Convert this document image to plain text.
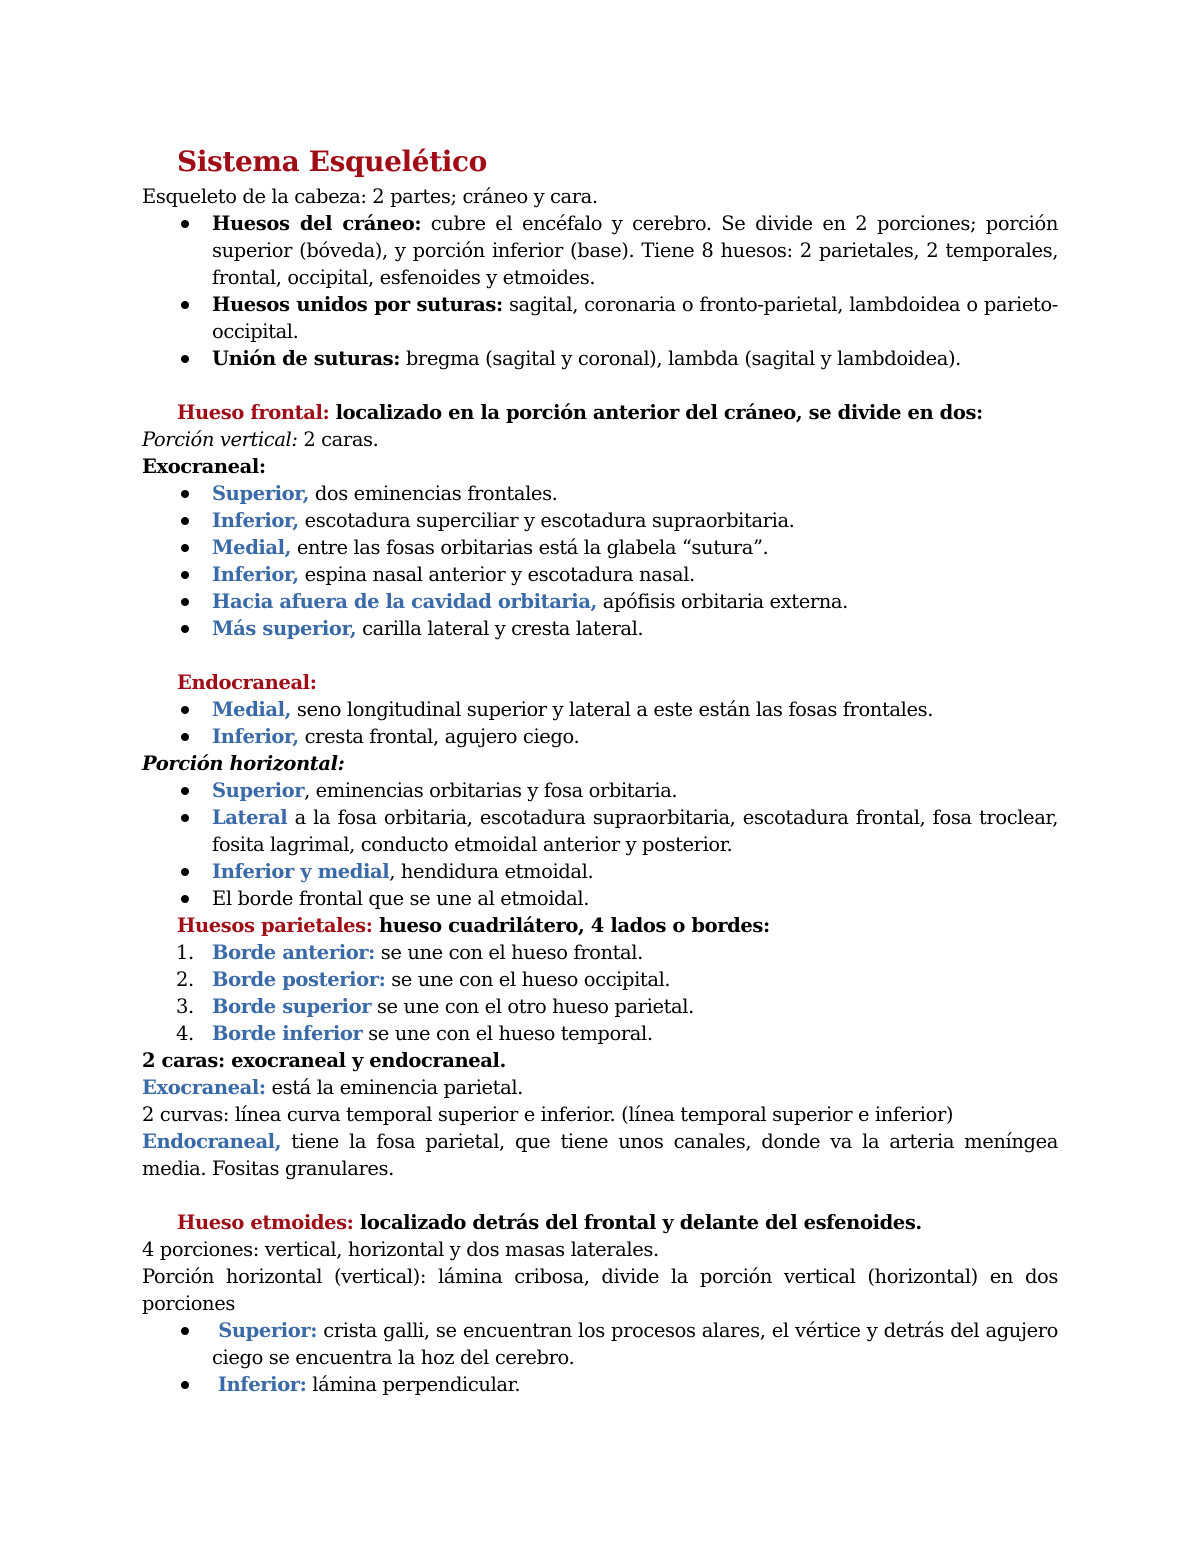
Sistema Esquelético

Esqueleto de la cabeza: 2 partes; cráneo y cara.

Huesos del cráneo: cubre el encéfalo y cerebro. Se divide en 2 porciones; porción superior (bóveda), y porción inferior (base). Tiene 8 huesos: 2 parietales, 2 temporales, frontal, occipital, esfenoides y etmoides.
Huesos unidos por suturas: sagital, coronaria o fronto-parietal, lambdoidea o parieto-occipital.
Unión de suturas: bregma (sagital y coronal), lambda (sagital y lambdoidea).

Hueso frontal: localizado en la porción anterior del cráneo, se divide en dos:

Porción vertical: 2 caras.

Exocraneal:

Superior, dos eminencias frontales.
Inferior, escotadura superciliar y escotadura supraorbitaria.
Medial, entre las fosas orbitarias está la glabela “sutura”.
Inferior, espina nasal anterior y escotadura nasal.
Hacia afuera de la cavidad orbitaria, apófisis orbitaria externa.
Más superior, carilla lateral y cresta lateral.

Endocraneal:

Medial, seno longitudinal superior y lateral a este están las fosas frontales.
Inferior, cresta frontal, agujero ciego.

Porción horizontal:

Superior, eminencias orbitarias y fosa orbitaria.
Lateral a la fosa orbitaria, escotadura supraorbitaria, escotadura frontal, fosa troclear, fosita lagrimal, conducto etmoidal anterior y posterior.
Inferior y medial, hendidura etmoidal.
El borde frontal que se une al etmoidal.

Huesos parietales: hueso cuadrilátero, 4 lados o bordes:

1. Borde anterior: se une con el hueso frontal.
2. Borde posterior: se une con el hueso occipital.
3. Borde superior se une con el otro hueso parietal.
4. Borde inferior se une con el hueso temporal.

2 caras: exocraneal y endocraneal.

Exocraneal: está la eminencia parietal.

2 curvas: línea curva temporal superior e inferior. (línea temporal superior e inferior)

Endocraneal, tiene la fosa parietal, que tiene unos canales, donde va la arteria meníngea media. Fositas granulares.

Hueso etmoides: localizado detrás del frontal y delante del esfenoides.

4 porciones: vertical, horizontal y dos masas laterales.

Porción horizontal (vertical): lámina cribosa, divide la porción vertical (horizontal) en dos porciones

Superior: crista galli, se encuentran los procesos alares, el vértice y detrás del agujero ciego se encuentra la hoz del cerebro.
Inferior: lámina perpendicular.
